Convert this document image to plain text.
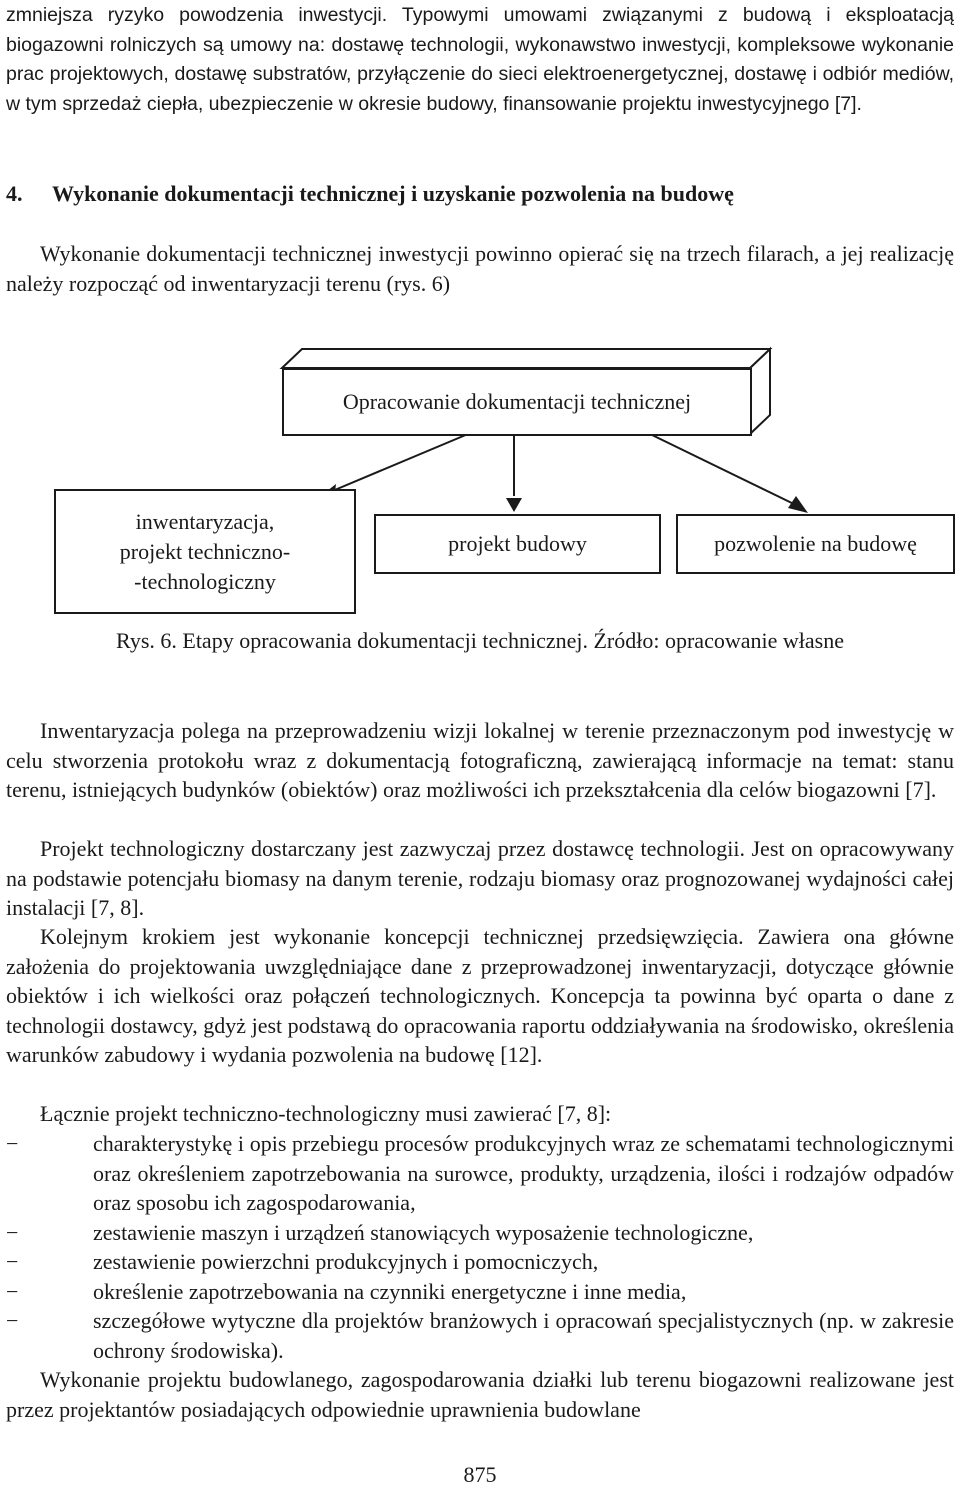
zmniejsza ryzyko powodzenia inwestycji. Typowymi umowami związanymi z budową i eksploatacją biogazowni rolniczych są umowy na: dostawę technologii, wykonawstwo inwestycji, kompleksowe wykonanie prac projektowych, dostawę substratów, przyłączenie do sieci elektroenergetycznej, dostawę i odbiór mediów, w tym sprzedaż ciepła, ubezpieczenie w okresie budowy, finansowanie projektu inwestycyjnego [7].

4. Wykonanie dokumentacji technicznej i uzyskanie pozwolenia na budowę

Wykonanie dokumentacji technicznej inwestycji powinno opierać się na trzech filarach, a jej realizację należy rozpocząć od inwentaryzacji terenu (rys. 6)

Opracowanie dokumentacji technicznej
inwentaryzacja,
projekt techniczno-
-technologiczny
projekt budowy	pozwolenie na budowę
Rys. 6. Etapy opracowania dokumentacji technicznej. Źródło: opracowanie własne

Inwentaryzacja polega na przeprowadzeniu wizji lokalnej w terenie przeznaczonym pod inwestycję w celu stworzenia protokołu wraz z dokumentacją fotograficzną, zawierającą informacje na temat: stanu terenu, istniejących budynków (obiektów) oraz możliwości ich przekształcenia dla celów biogazowni [7].

Projekt technologiczny dostarczany jest zazwyczaj przez dostawcę technologii. Jest on opracowywany na podstawie potencjału biomasy na danym terenie, rodzaju biomasy oraz prognozowanej wydajności całej instalacji [7, 8].

Kolejnym krokiem jest wykonanie koncepcji technicznej przedsięwzięcia. Zawiera ona główne założenia do projektowania uwzględniające dane z przeprowadzonej inwentaryzacji, dotyczące głównie obiektów i ich wielkości oraz połączeń technologicznych. Koncepcja ta powinna być oparta o dane z technologii dostawcy, gdyż jest podstawą do opracowania raportu oddziaływania na środowisko, określenia warunków zabudowy i wydania pozwolenia na budowę [12].

Łącznie projekt techniczno-technologiczny musi zawierać [7, 8]:

−	charakterystykę i opis przebiegu procesów produkcyjnych wraz ze schematami technologicznymi oraz określeniem zapotrzebowania na surowce, produkty, urządzenia, ilości i rodzajów odpadów oraz sposobu ich zagospodarowania,
−	zestawienie maszyn i urządzeń stanowiących wyposażenie technologiczne,
−	zestawienie powierzchni produkcyjnych i pomocniczych,
−	określenie zapotrzebowania na czynniki energetyczne i inne media,
−	szczegółowe wytyczne dla projektów branżowych i opracowań specjalistycznych (np. w zakresie ochrony środowiska).

Wykonanie projektu budowlanego, zagospodarowania działki lub terenu biogazowni realizowane jest przez projektantów posiadających odpowiednie uprawnienia budowlane

875
